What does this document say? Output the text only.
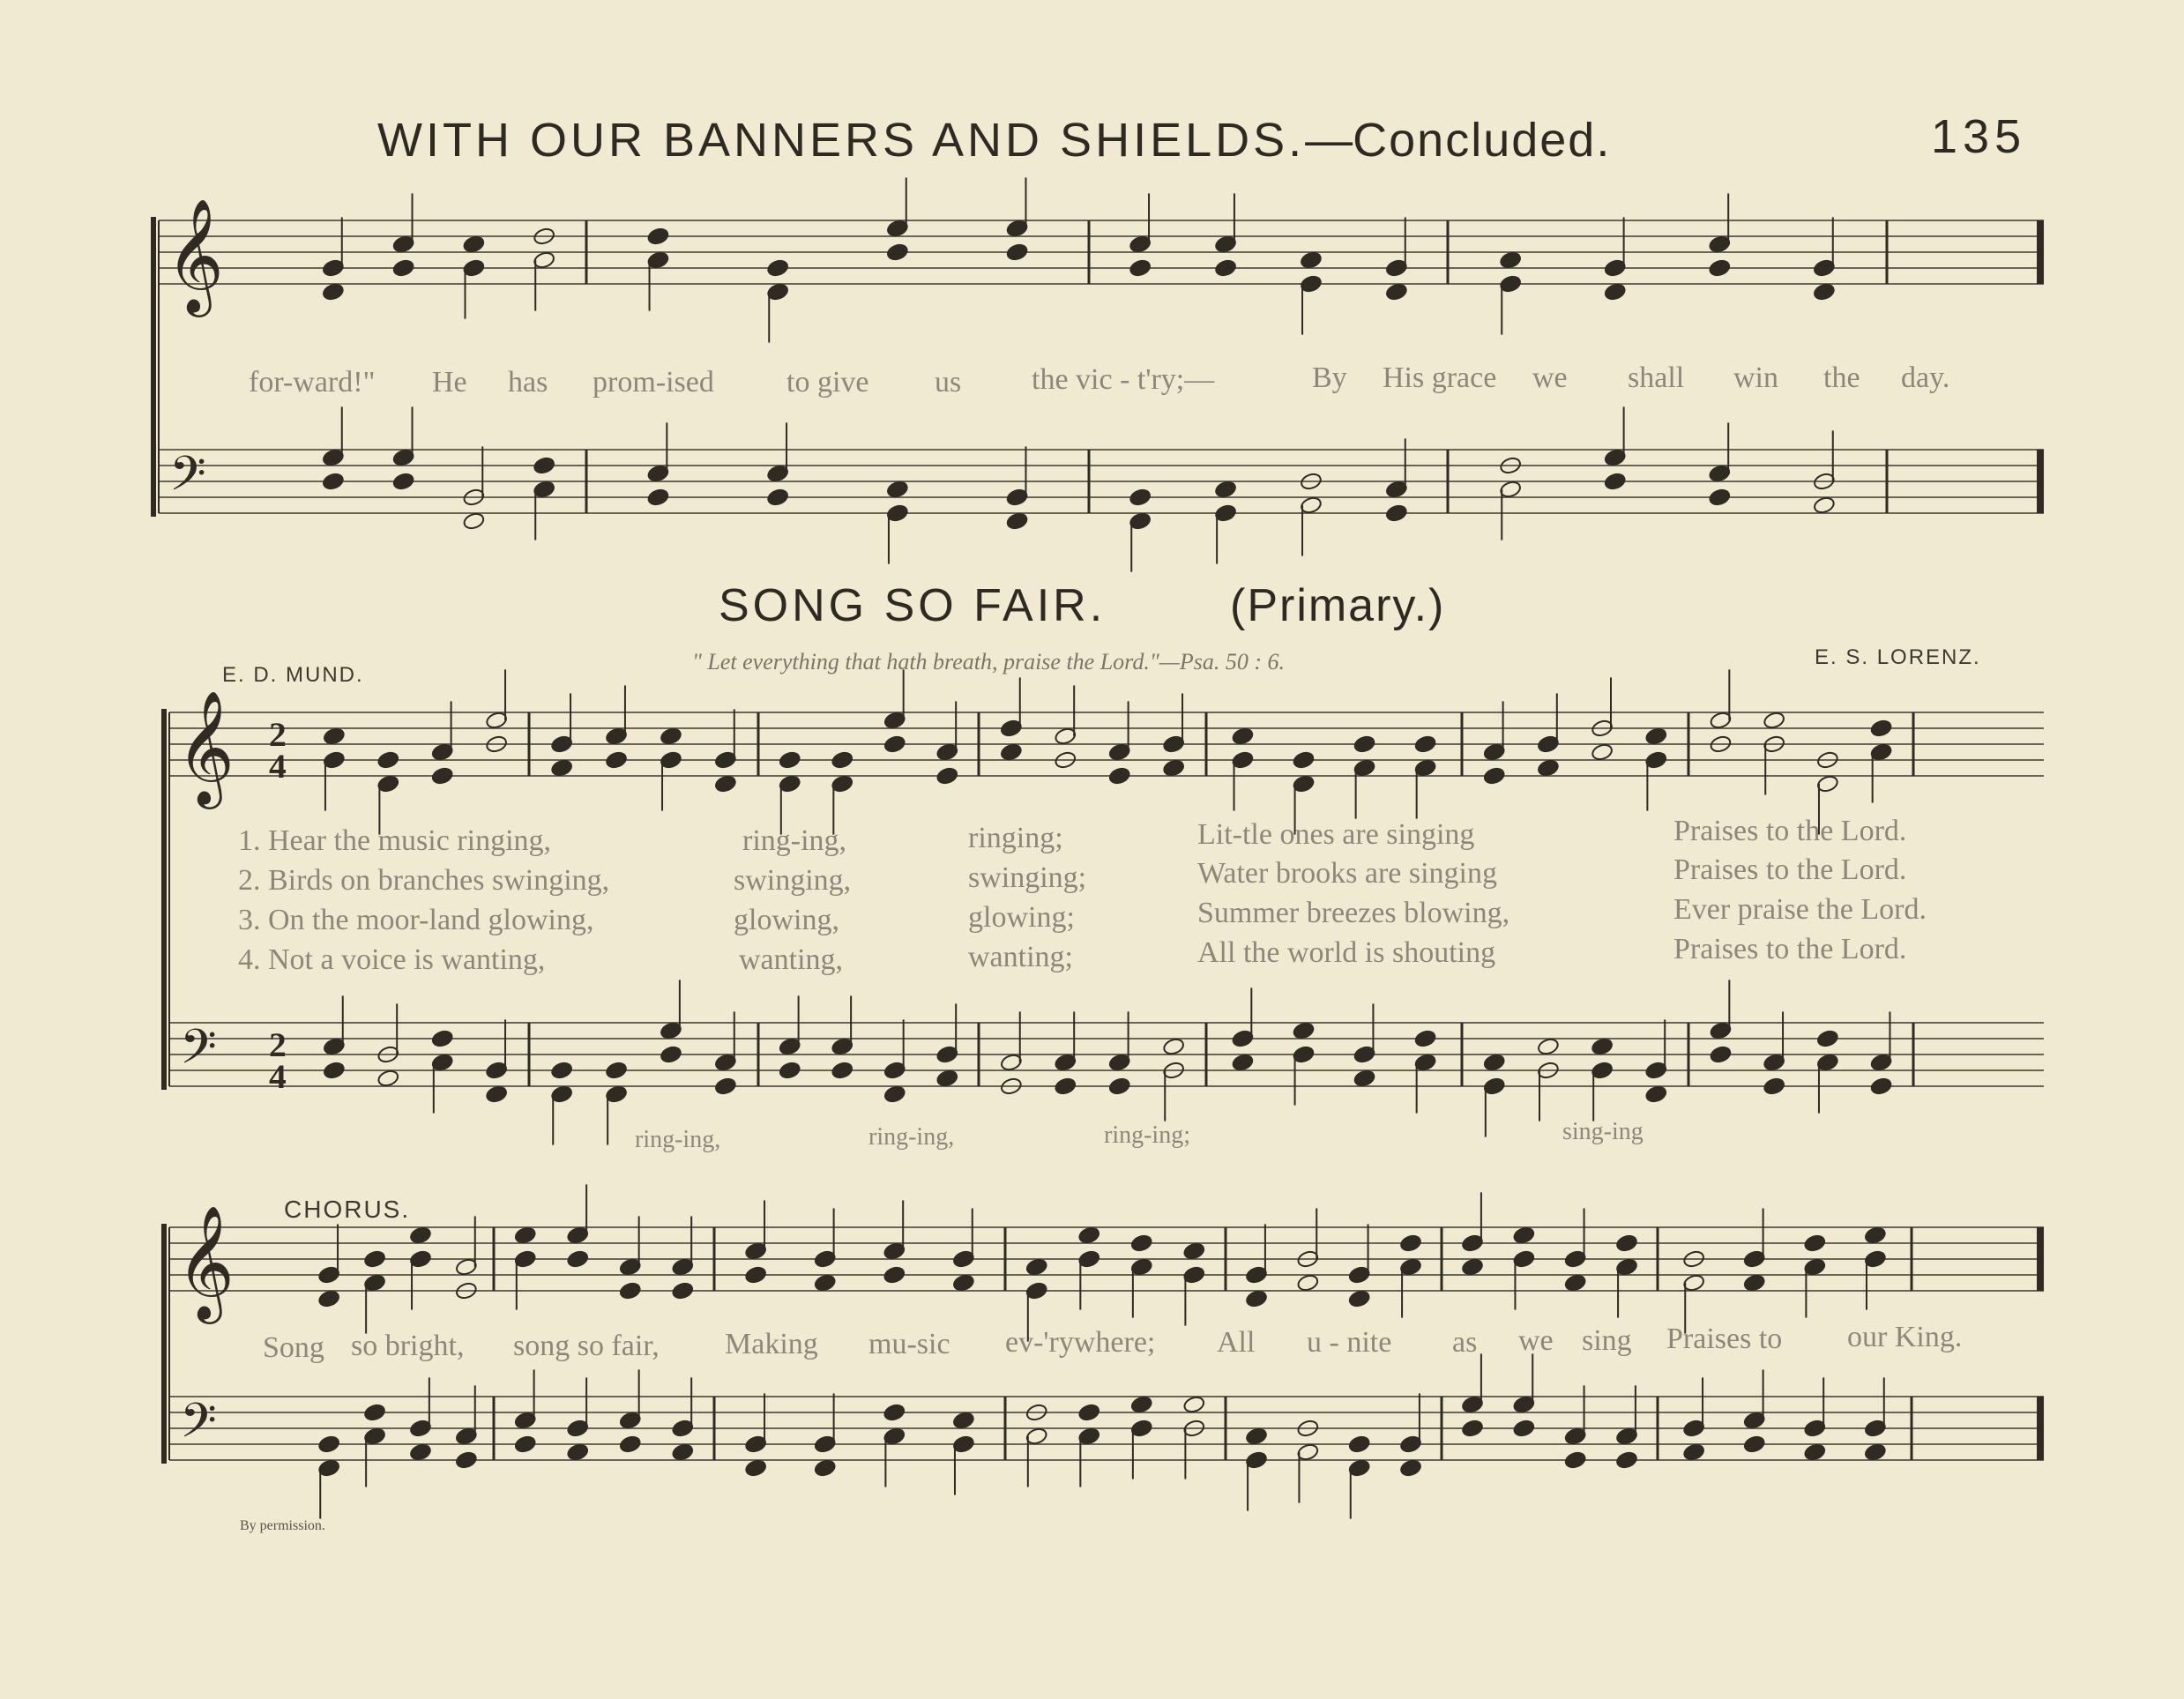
WITH OUR BANNERS AND SHIELDS.—Concluded.	135
for-ward!" He has prom-ised to give us the vic - t'ry;—	By His grace we shall win the day.
SONG SO FAIR.	(Primary.)
E. D. MUND.
" Let everything that hath breath, praise the Lord."—Psa. 50 : 6.	E. S. LORENZ.
1. Hear the music ringing,	ring-ing,	ringing;	Lit-tle ones are singing	Praises to the Lord.
2. Birds on branches swinging,	swinging,	swinging;	Water brooks are singing	Praises to the Lord.
3. On the moor-land glowing,	glowing,	glowing;	Summer breezes blowing,	Ever praise the Lord.
4. Not a voice is wanting,	wanting,	wanting;	All the world is shouting	Praises to the Lord.
ring-ing,	ring-ing,	ring-ing;	sing-ing
CHORUS.
Song so bright, song so fair, Making mu-sic ev-'rywhere; All u - nite as we sing Praises to our King.
By permission.
𝄞
𝄢
𝄞
𝄢
2
4
2
4
𝄞
𝄢
